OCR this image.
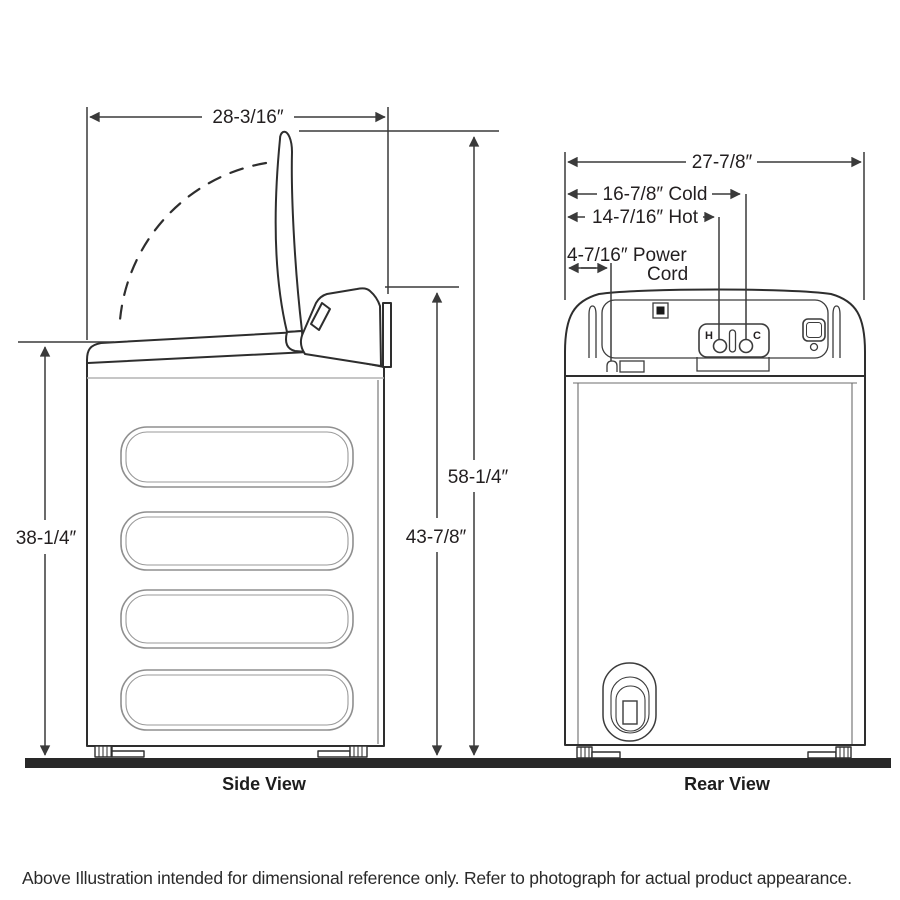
28-3/16″
58-1/4″
43-7/8″
38-1/4″
H	C
27-7/8″
16-7/8″ Cold
14-7/16″ Hot
4-7/16″ Power
Cord
Side View	Rear View
Above Illustration intended for dimensional reference only. Refer to photograph for actual product appearance.
